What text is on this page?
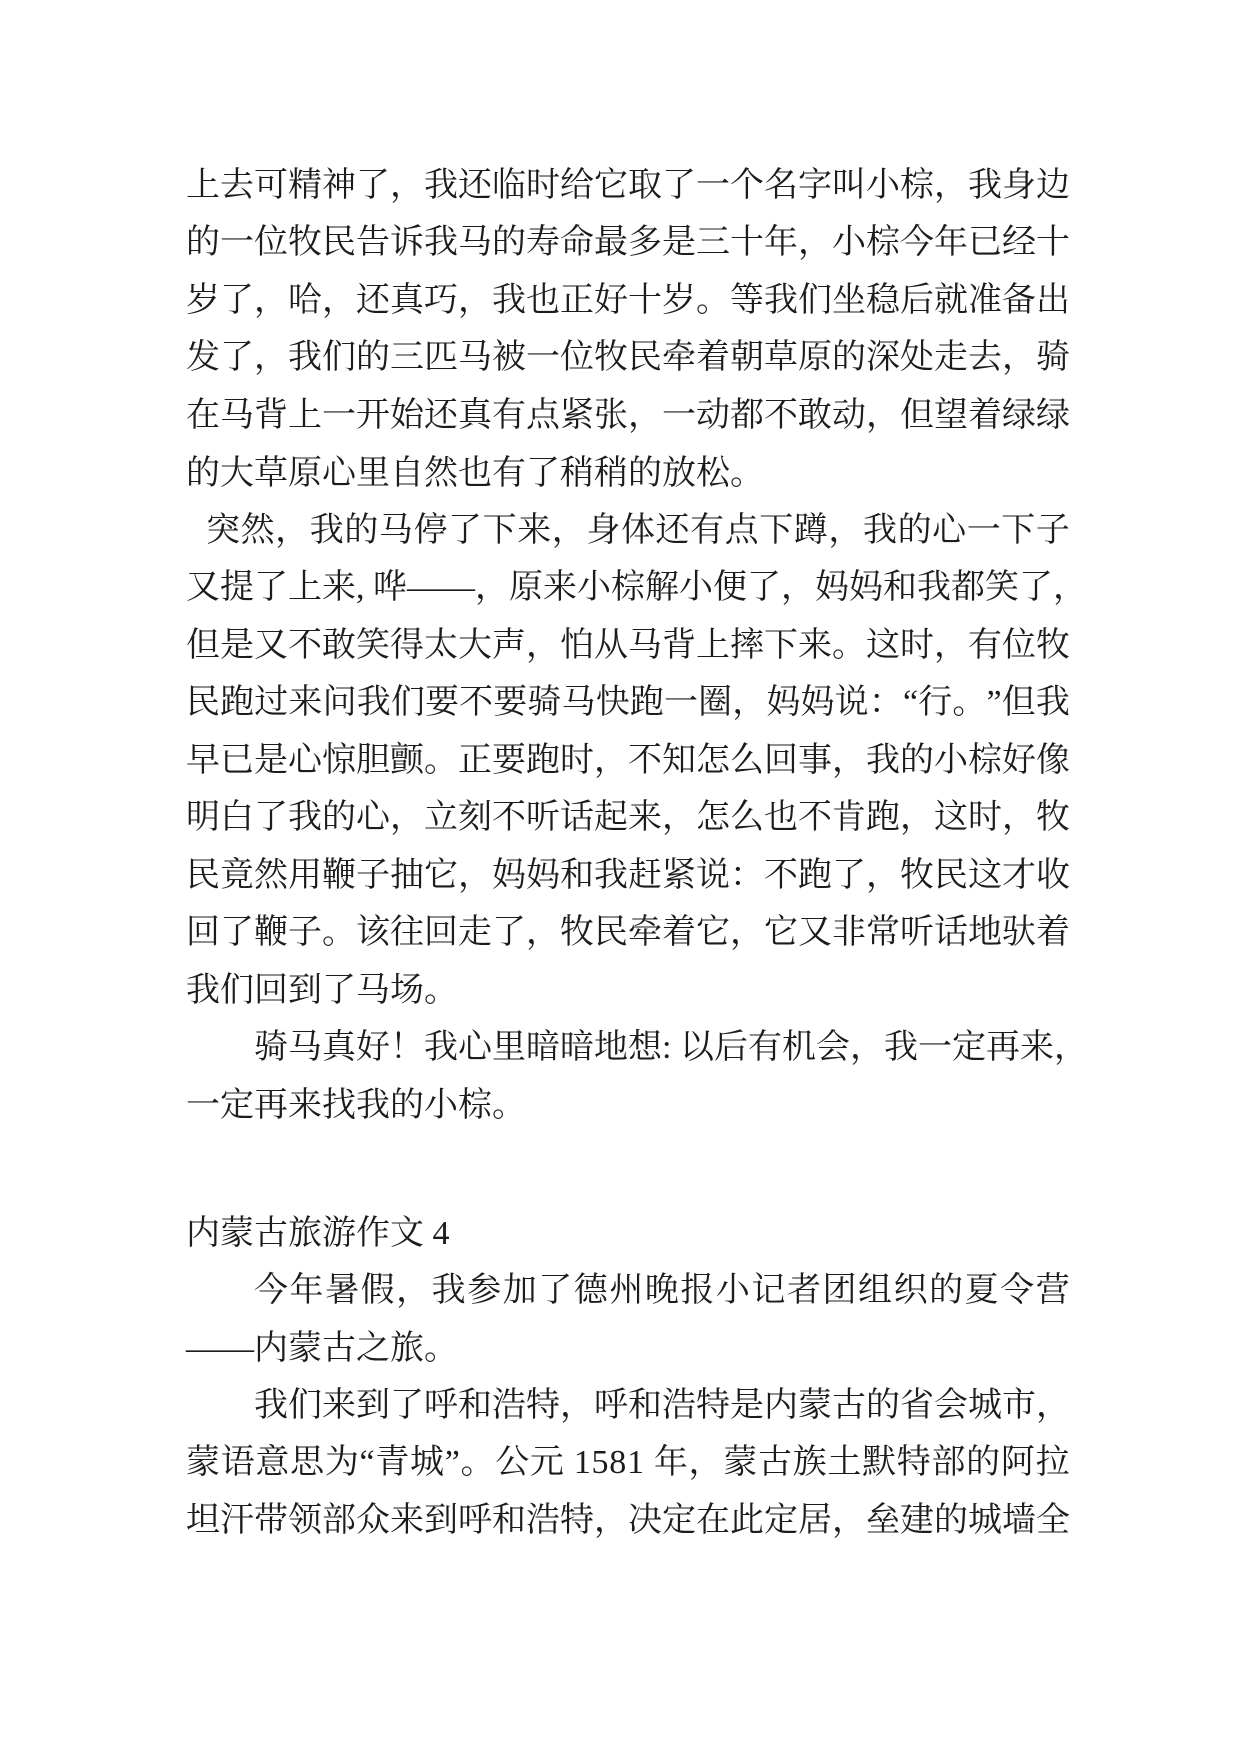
上 去 可 精 神 了 ， 我 还 临 时 给 它 取 了 一 个 名 字 叫 小 棕 ， 我 身 边
的 一 位 牧 民 告 诉 我 马 的 寿 命 最 多 是 三 十 年 ， 小 棕 今 年 已 经 十
岁 了 ， 哈 ， 还 真 巧 ， 我 也 正 好 十 岁 。 等 我 们 坐 稳 后 就 准 备 出
发 了 ， 我 们 的 三 匹 马 被 一 位 牧 民 牵 着 朝 草 原 的 深 处 走 去 ， 骑
在 马 背 上 一 开 始 还 真 有 点 紧 张 ， 一 动 都 不 敢 动 ， 但 望 着 绿 绿
的大草原心里自然也有了稍稍的放松。
突 然 ， 我 的 马 停 了 下 来 ， 身 体 还 有 点 下 蹲 ， 我 的 心 一 下 子
又 提 了 上 来 ,
哗 — — ， 原 来 小 棕 解 小 便 了 ， 妈 妈 和 我 都 笑 了 ，
但 是 又 不 敢 笑 得 太 大 声 ， 怕 从 马 背 上 摔 下 来 。 这 时 ， 有 位 牧
民 跑 过 来 问 我 们 要 不 要 骑 马 快 跑 一 圈 ， 妈 妈 说 ： “ 行 。 ” 但 我
早 已 是 心 惊 胆 颤 。 正 要 跑 时 ， 不 知 怎 么 回 事 ， 我 的 小 棕 好 像
明 白 了 我 的 心 ， 立 刻 不 听 话 起 来 ， 怎 么 也 不 肯 跑 ， 这 时 ， 牧
民 竟 然 用 鞭 子 抽 它 ， 妈 妈 和 我 赶 紧 说 ： 不 跑 了 ， 牧 民 这 才 收
回 了 鞭 子 。 该 往 回 走 了 ， 牧 民 牵 着 它 ， 它 又 非 常 听 话 地 驮 着
我们回到了马场。
骑 马 真 好 ！ 我 心 里 暗 暗 地 想 :
以 后 有 机 会 ， 我 一 定 再 来 ，
一定再来找我的小棕。
内蒙古旅游作文 4
今 年 暑 假 ， 我 参 加 了 德 州 晚 报 小 记 者 团 组 织 的 夏 令 营
——内蒙古之旅。
我 们 来 到 了 呼 和 浩 特 ， 呼 和 浩 特 是 内 蒙 古 的 省 会 城 市 ，
蒙 语 意 思 为 “ 青 城 ” 。 公 元
1 5 8 1
年 ， 蒙 古 族 土 默 特 部 的 阿 拉
坦 汗 带 领 部 众 来 到 呼 和 浩 特 ， 决 定 在 此 定 居 ， 垒 建 的 城 墙 全
